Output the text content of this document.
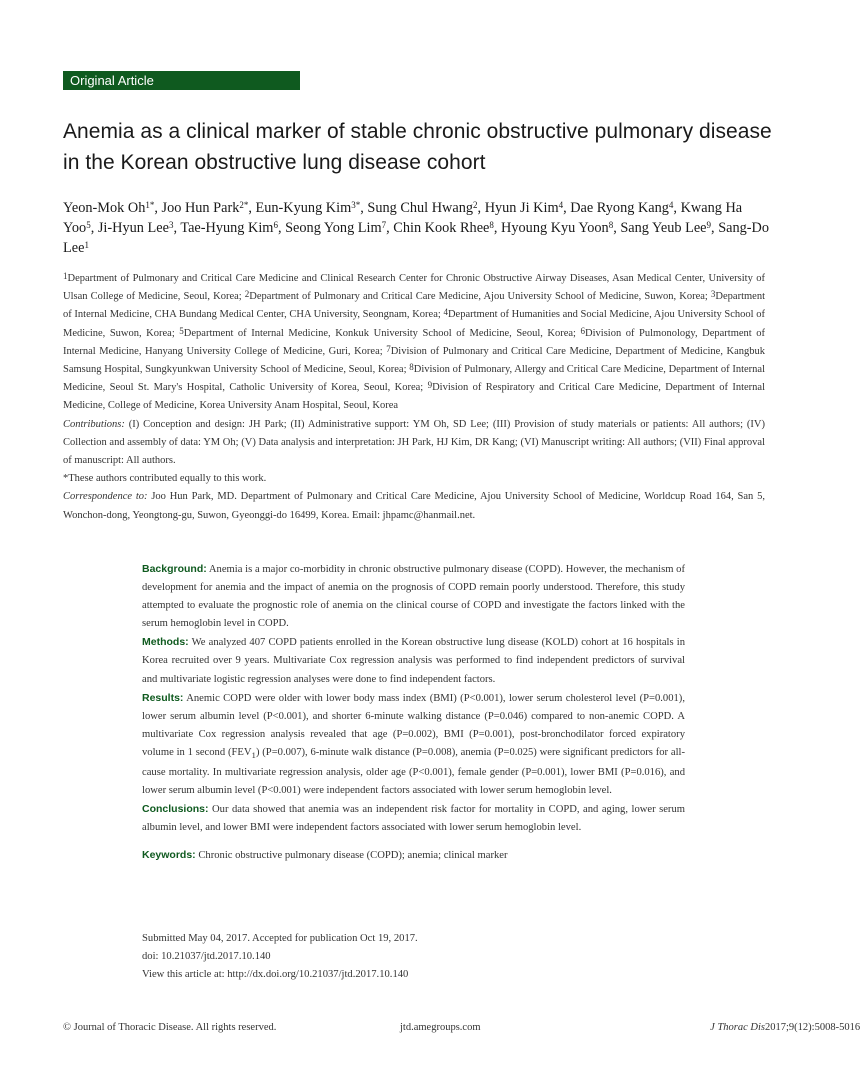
Original Article
Anemia as a clinical marker of stable chronic obstructive pulmonary disease in the Korean obstructive lung disease cohort

Yeon-Mok $Oh^{1*}$, Joo Hun Park$^{2*}$, Eun-Kyung Kim$^{3*}$, Sung Chul Hwang$^2$, Hyun Ji Kim$^4$, Dae Ryong Kang$^4$, Kwang Ha Yoo$^5$, Ji-Hyun Lee$^3$, Tae-Hyung Kim$^6$, Seong Yong Lim$^7$, Chin Kook Rhee$^8$, Hyoung Kyu Yoon$^8$, Sang Yeub Lee$^9$, Sang-Do Lee$^1$

$^1$Department of Pulmonary and Critical Care Medicine and Clinical Research Center for Chronic Obstructive Airway Diseases, Asan Medical Center, University of Ulsan College of Medicine, Seoul, Korea; $^2$Department of Pulmonary and Critical Care Medicine, Ajou University School of Medicine, Suwon, Korea; $^3$Department of Internal Medicine, CHA Bundang Medical Center, CHA University, Seongnam, Korea; $^4$Department of Humanities and Social Medicine, Ajou University School of Medicine, Suwon, Korea; $^5$Department of Internal Medicine, Konkuk University School of Medicine, Seoul, Korea; $^6$Division of Pulmonology, Department of Internal Medicine, Hanyang University College of Medicine, Guri, Korea; $^7$Division of Pulmonary and Critical Care Medicine, Department of Medicine, Kangbuk Samsung Hospital, Sungkyunkwan University School of Medicine, Seoul, Korea; $^8$Division of Pulmonary, Allergy and Critical Care Medicine, Department of Internal Medicine, Seoul St. Mary's Hospital, Catholic University of Korea, Seoul, Korea; $^9$Division of Respiratory and Critical Care Medicine, Department of Internal Medicine, College of Medicine, Korea University Anam Hospital, Seoul, Korea

Contributions: (I) Conception and design: JH Park; (II) Administrative support: YM Oh, SD Lee; (III) Provision of study materials or patients: All authors; (IV) Collection and assembly of data: YM Oh; (V) Data analysis and interpretation: JH Park, HJ Kim, DR Kang; (VI) Manuscript writing: All authors; (VII) Final approval of manuscript: All authors.

*These authors contributed equally to this work.

Correspondence to: Joo Hun Park, MD. Department of Pulmonary and Critical Care Medicine, Ajou University School of Medicine, Worldcup Road 164, San 5, Wonchon-dong, Yeongtong-gu, Suwon, Gyeonggi-do 16499, Korea. Email: jhpamc@hanmail.net.

Background: Anemia is a major co-morbidity in chronic obstructive pulmonary disease (COPD). However, the mechanism of development for anemia and the impact of anemia on the prognosis of COPD remain poorly understood. Therefore, this study attempted to evaluate the prognostic role of anemia on the clinical course of COPD and investigate the factors linked with the serum hemoglobin level in COPD.

Methods: We analyzed 407 COPD patients enrolled in the Korean obstructive lung disease (KOLD) cohort at 16 hospitals in Korea recruited over 9 years. Multivariate Cox regression analysis was performed to find independent predictors of survival and multivariate logistic regression analyses were done to find independent factors.

Results: Anemic COPD were older with lower body mass index (BMI) (P<0.001), lower serum cholesterol level (P=0.001), lower serum albumin level (P<0.001), and shorter 6-minute walking distance (P=0.046) compared to non-anemic COPD. A multivariate Cox regression analysis revealed that age (P=0.002), BMI (P=0.001), post-bronchodilator forced expiratory volume in 1 second $(FEV_1)$ (P=0.007), 6-minute walk distance (P=0.008), anemia (P=0.025) were significant predictors for all-cause mortality. In multivariate regression analysis, older age (P<0.001), female gender (P=0.001), lower BMI (P=0.016), and lower serum albumin level (P<0.001) were independent factors associated with lower serum hemoglobin level.

Conclusions: Our data showed that anemia was an independent risk factor for mortality in COPD, and aging, lower serum albumin level, and lower BMI were independent factors associated with lower serum hemoglobin level.

Keywords: Chronic obstructive pulmonary disease (COPD); anemia; clinical marker

Submitted May 04, 2017. Accepted for publication Oct 19, 2017.
doi: 10.21037/jtd.2017.10.140
View this article at: http://dx.doi.org/10.21037/jtd.2017.10.140
© Journal of Thoracic Disease. All rights reserved.	jtd.amegroups.com	J Thorac Dis 2017;9(12):5008-5016
